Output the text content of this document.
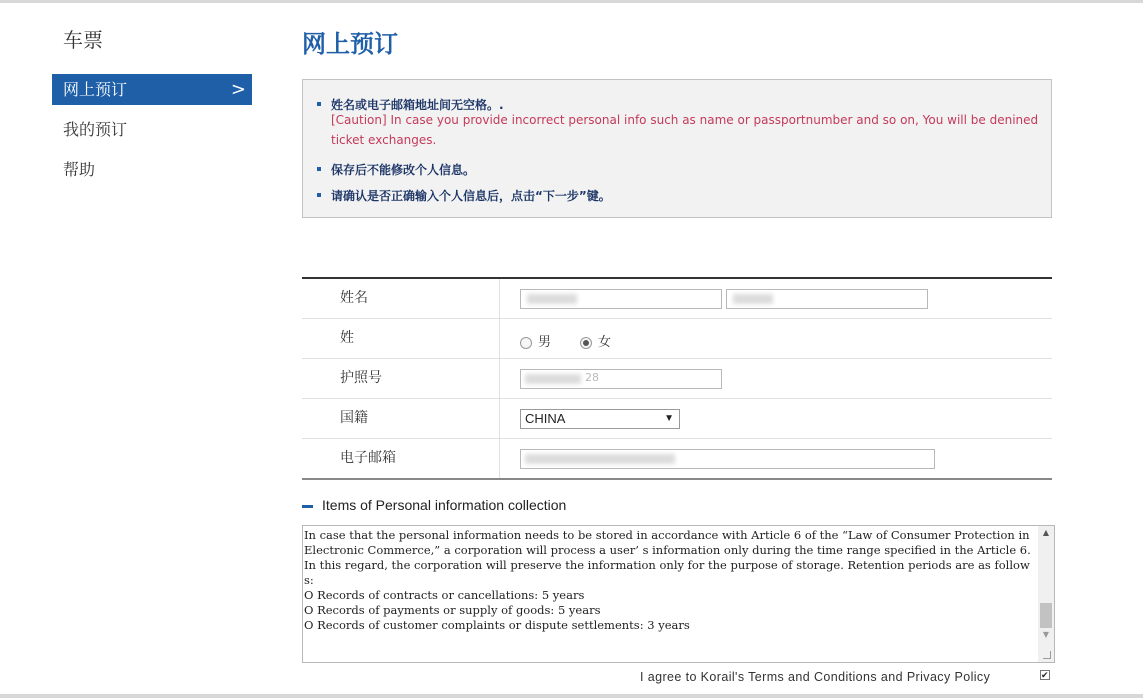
车票
网上预订	>
我的预订
帮助
网上预订
姓名或电子邮箱地址间无空格。.
[Caution] In case you provide incorrect personal info such as name or passportnumber and so on, You will be denined ticket exchanges.
保存后不能修改个人信息。
请确认是否正确输入个人信息后，点击“下一步”键。
姓名
姓	男	女
护照号	28
国籍	CHINA	▼
电子邮箱
Items of Personal information collection
In case that the personal information needs to be stored in accordance with Article 6 of the “Law of Consumer Protection in Electronic Commerce,” a corporation will process a user’ s information only during the time range specified in the Article 6.
In this regard, the corporation will preserve the information only for the purpose of storage. Retention periods are as follows:
O Records of contracts or cancellations: 5 years
O Records of payments or supply of goods: 5 years
O Records of customer complaints or dispute settlements: 3 years
▲
▼
I agree to Korail's Terms and Conditions and Privacy Policy	✔
